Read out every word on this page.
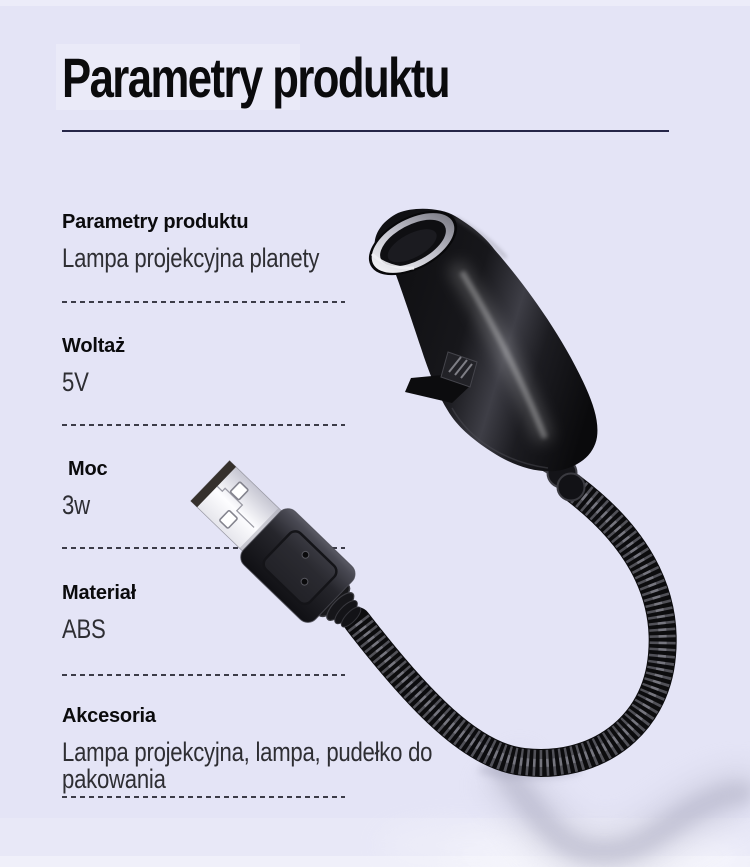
Parametry produktu
Parametry produktu
Lampa projekcyjna planety
Woltaż
5V
Moc
3w
Materiał
ABS
Akcesoria
Lampa projekcyjna, lampa, pudełko do pakowania
